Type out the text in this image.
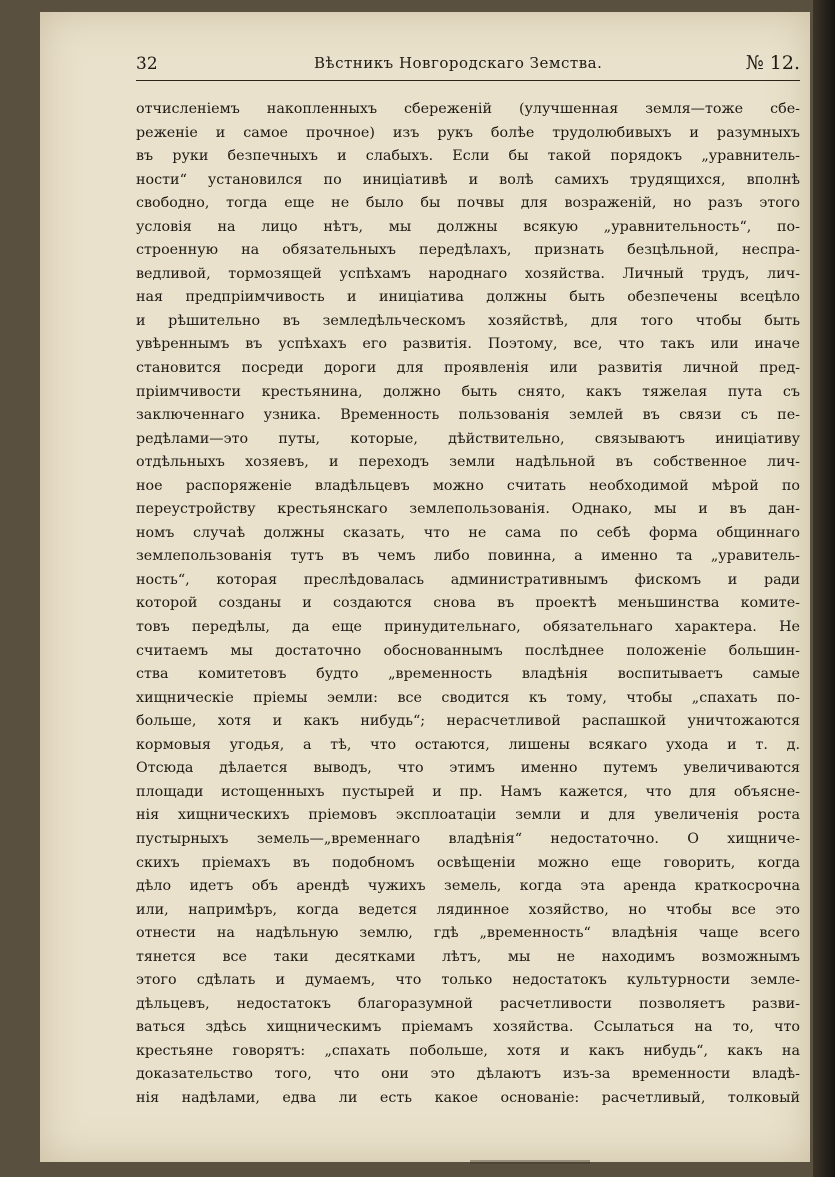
32	Вѣстникъ Новгородскаго Земства.	№ 12.
отчисленіемъ накопленныхъ сбереженій (улучшенная земля—тоже сбе-
реженіе и самое прочное) изъ рукъ болѣе трудолюбивыхъ и разумныхъ
въ руки безпечныхъ и слабыхъ. Если бы такой порядокъ „уравнитель-
ности“ установился по иниціативѣ и волѣ самихъ трудящихся, вполнѣ
свободно, тогда еще не было бы почвы для возраженій, но разъ этого
условія на лицо нѣтъ, мы должны всякую „уравнительность“, по-
строенную на обязательныхъ передѣлахъ, признать безцѣльной, неспра-
ведливой, тормозящей успѣхамъ народнаго хозяйства. Личный трудъ, лич-
ная предпріимчивость и иниціатива должны быть обезпечены всецѣло
и рѣшительно въ земледѣльческомъ хозяйствѣ, для того чтобы быть
увѣреннымъ въ успѣхахъ его развитія. Поэтому, все, что такъ или иначе
становится посреди дороги для проявленія или развитія личной пред-
пріимчивости крестьянина, должно быть снято, какъ тяжелая пута съ
заключеннаго узника. Временность пользованія землей въ связи съ пе-
редѣлами—это путы, которые, дѣйствительно, связываютъ иниціативу
отдѣльныхъ хозяевъ, и переходъ земли надѣльной въ собственное лич-
ное распоряженіе владѣльцевъ можно считать необходимой мѣрой по
переустройству крестьянскаго землепользованія. Однако, мы и въ дан-
номъ случаѣ должны сказать, что не сама по себѣ форма общиннаго
землепользованія тутъ въ чемъ либо повинна, а именно та „уравитель-
ность“, которая преслѣдовалась административнымъ фискомъ и ради
которой созданы и создаются снова въ проектѣ меньшинства комите-
товъ передѣлы, да еще принудительнаго, обязательнаго характера. Не
считаемъ мы достаточно обоснованнымъ послѣднее положеніе большин-
ства комитетовъ будто „временность владѣнія воспитываетъ самые
хищническіе пріемы эемли: все сводится къ тому, чтобы „спахать по-
больше, хотя и какъ нибудь“; нерасчетливой распашкой уничтожаются
кормовыя угодья, а тѣ, что остаются, лишены всякаго ухода и т. д.
Отсюда дѣлается выводъ, что этимъ именно путемъ увеличиваются
площади истощенныхъ пустырей и пр. Намъ кажется, что для объясне-
нія хищническихъ пріемовъ эксплоатаціи земли и для увеличенія роста
пустырныхъ земель—„временнаго владѣнія“ недостаточно. О хищниче-
скихъ пріемахъ въ подобномъ освѣщеніи можно еще говорить, когда
дѣло идетъ объ арендѣ чужихъ земель, когда эта аренда краткосрочна
или, напримѣръ, когда ведется лядинное хозяйство, но чтобы все это
отнести на надѣльную землю, гдѣ „временность“ владѣнія чаще всего
тянется все таки десятками лѣтъ, мы не находимъ возможнымъ
этого сдѣлать и думаемъ, что только недостатокъ культурности земле-
дѣльцевъ, недостатокъ благоразумной расчетливости позволяетъ разви-
ваться здѣсь хищническимъ пріемамъ хозяйства. Ссылаться на то, что
крестьяне говорятъ: „спахать побольше, хотя и какъ нибудь“, какъ на
доказательство того, что они это дѣлаютъ изъ-за временности владѣ-
нія надѣлами, едва ли есть какое основаніе: расчетливый, толковый
